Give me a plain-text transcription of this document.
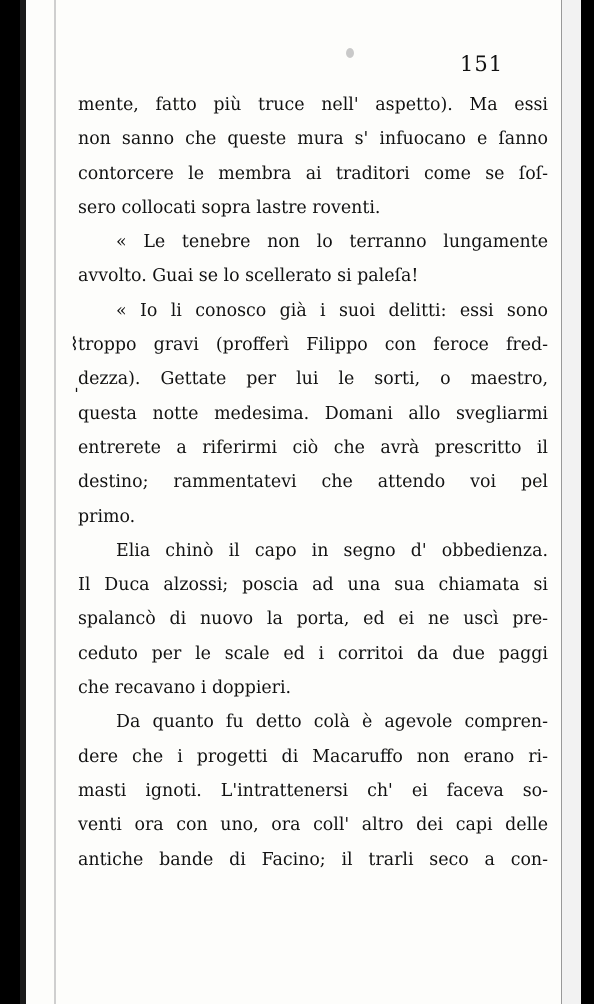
151
⌇
ˌ
mente, fatto più truce nell' aspetto). Ma essi
non sanno che queste mura s' infuocano e ſanno
contorcere le membra ai traditori come se ſoſ-
sero collocati sopra lastre roventi.
« Le tenebre non lo terranno lungamente
avvolto. Guai se lo scellerato si paleſa!
« Io li conosco già i suoi delitti: essi sono
troppo gravi (profferì Filippo con feroce fred-
dezza). Gettate per lui le sorti, o maestro,
questa notte medesima. Domani allo svegliarmi
entrerete a riferirmi ciò che avrà prescritto il
destino; rammentatevi che attendo voi pel
primo.
Elia chinò il capo in segno d' obbedienza.
Il Duca alzossi; poscia ad una sua chiamata si
spalancò di nuovo la porta, ed ei ne uscì pre-
ceduto per le scale ed i corritoi da due paggi
che recavano i doppieri.
Da quanto fu detto colà è agevole compren-
dere che i progetti di Macaruffo non erano ri-
masti ignoti. L'intrattenersi ch' ei faceva so-
venti ora con uno, ora coll' altro dei capi delle
antiche bande di Facino; il trarli seco a con-
